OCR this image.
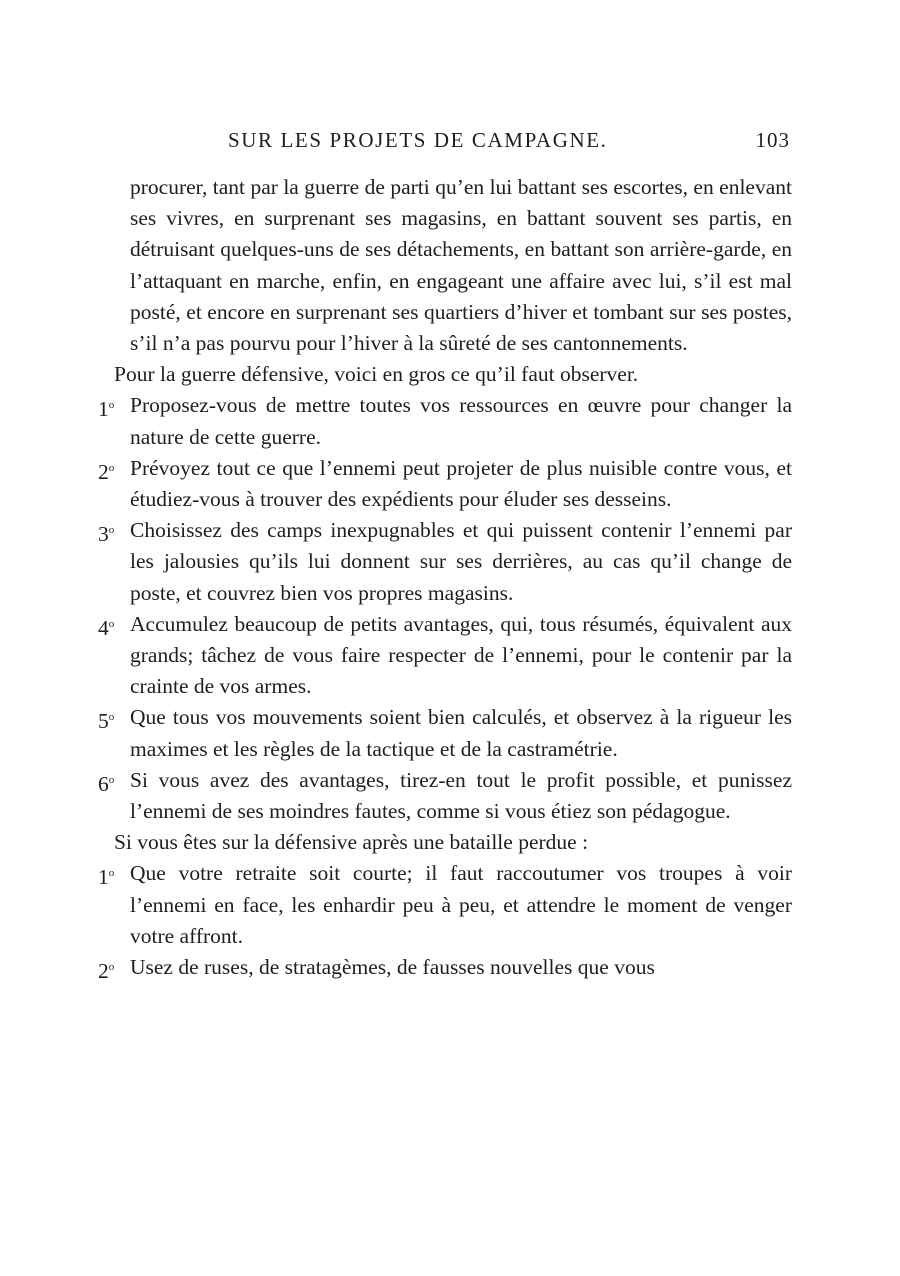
SUR LES PROJETS DE CAMPAGNE.	103

procurer, tant par la guerre de parti qu’en lui battant ses escortes, en enlevant ses vivres, en surprenant ses magasins, en battant souvent ses partis, en détruisant quelques-uns de ses détachements, en battant son arrière-garde, en l’attaquant en marche, enfin, en engageant une affaire avec lui, s’il est mal posté, et encore en surprenant ses quartiers d’hiver et tombant sur ses postes, s’il n’a pas pourvu pour l’hiver à la sûreté de ses cantonnements.

Pour la guerre défensive, voici en gros ce qu’il faut observer.

1$^o$ Proposez-vous de mettre toutes vos ressources en œuvre pour changer la nature de cette guerre.
2$^o$ Prévoyez tout ce que l’ennemi peut projeter de plus nuisible contre vous, et étudiez-vous à trouver des expédients pour éluder ses desseins.
3$^o$ Choisissez des camps inexpugnables et qui puissent contenir l’ennemi par les jalousies qu’ils lui donnent sur ses derrières, au cas qu’il change de poste, et couvrez bien vos propres magasins.
4$^o$ Accumulez beaucoup de petits avantages, qui, tous résumés, équivalent aux grands; tâchez de vous faire respecter de l’ennemi, pour le contenir par la crainte de vos armes.
5$^o$ Que tous vos mouvements soient bien calculés, et observez à la rigueur les maximes et les règles de la tactique et de la castramétrie.
6$^o$ Si vous avez des avantages, tirez-en tout le profit possible, et punissez l’ennemi de ses moindres fautes, comme si vous étiez son pédagogue.

Si vous êtes sur la défensive après une bataille perdue :

1$^o$ Que votre retraite soit courte; il faut raccoutumer vos troupes à voir l’ennemi en face, les enhardir peu à peu, et attendre le moment de venger votre affront.
2$^o$ Usez de ruses, de stratagèmes, de fausses nouvelles que vous
